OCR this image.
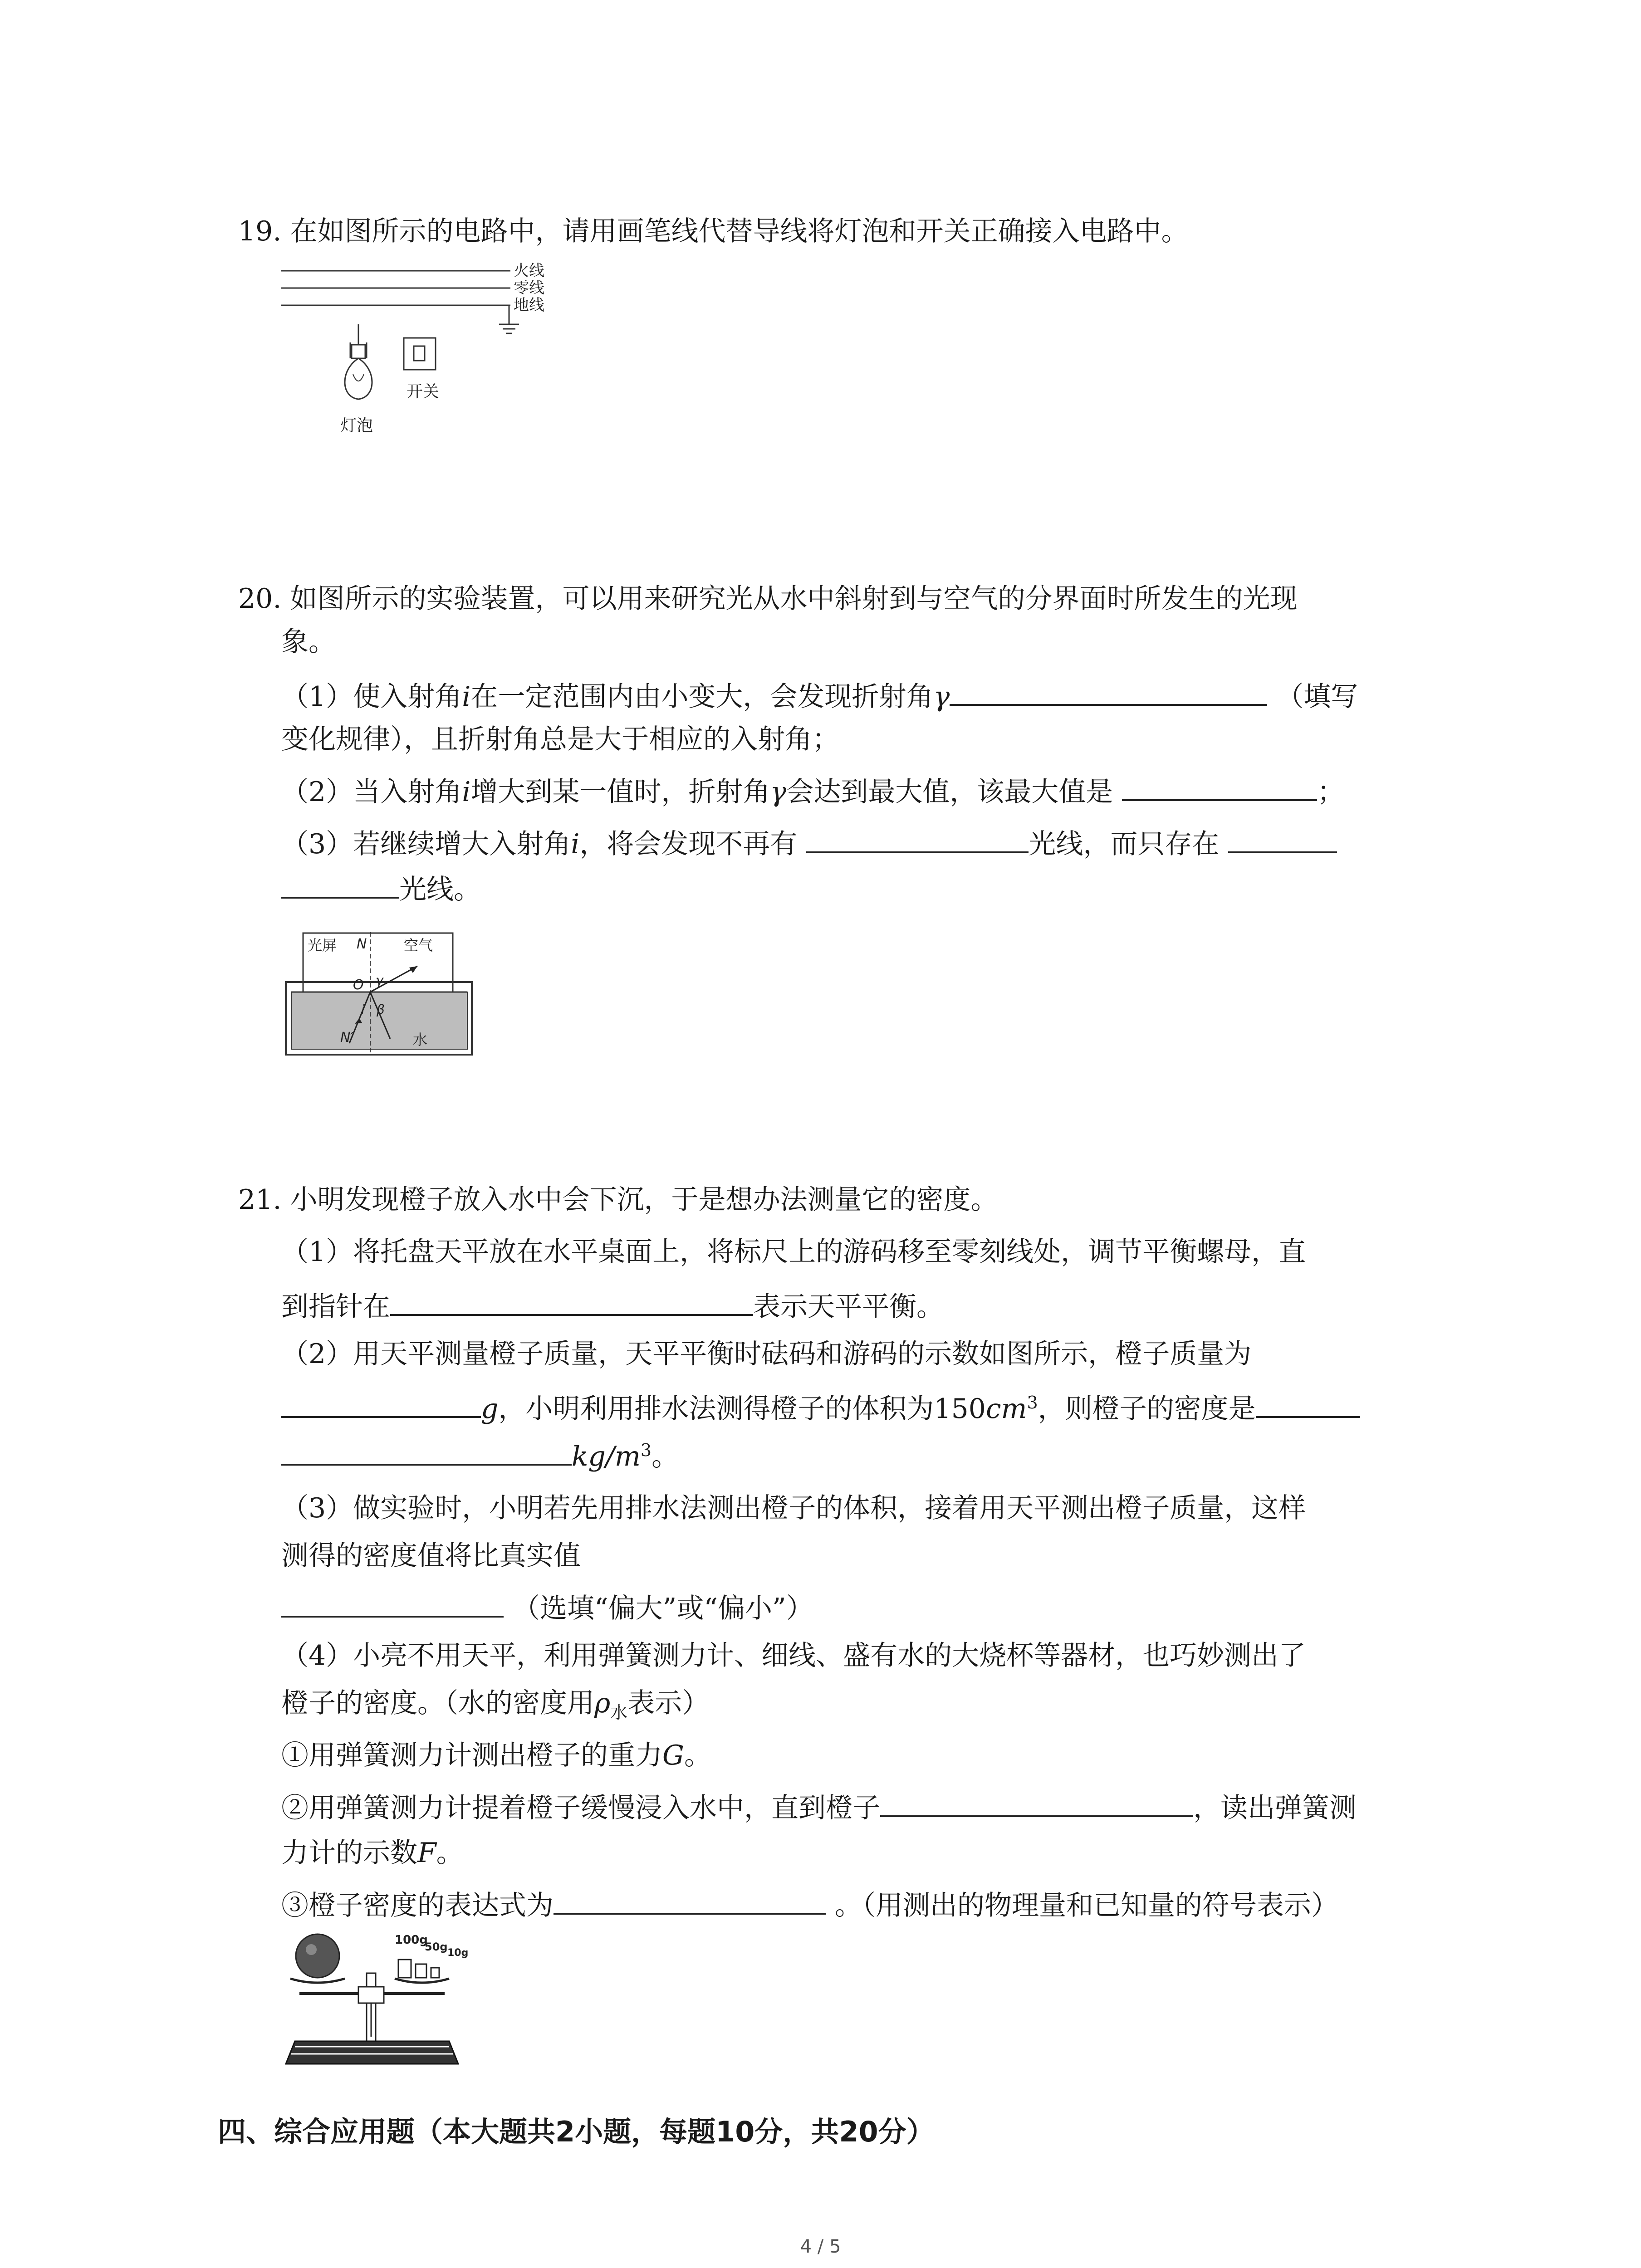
19. 在如图所示的电路中，请用画笔线代替导线将灯泡和开关正确接入电路中。
火线
零线
地线
灯泡
开关
20. 如图所示的实验装置，可以用来研究光从水中斜射到与空气的分界面时所发生的光现
象。
（1）使入射角i在一定范围内由小变大，会发现折射角γ	（填写
变化规律），且折射角总是大于相应的入射角；
（2）当入射角i增大到某一值时，折射角γ会达到最大值，该最大值是	；
（3）若继续增大入射角i，将会发现不再有	光线，而只存在
光线。
光屏 N	空气
O γ
i β
N′	水
21. 小明发现橙子放入水中会下沉，于是想办法测量它的密度。
（1）将托盘天平放在水平桌面上，将标尺上的游码移至零刻线处，调节平衡螺母，直
到指针在	表示天平平衡。
（2）用天平测量橙子质量，天平平衡时砝码和游码的示数如图所示，橙子质量为
g，小明利用排水法测得橙子的体积为$150cm^3$，则橙子的密度是
$kg/m^3$。
（3）做实验时，小明若先用排水法测出橙子的体积，接着用天平测出橙子质量，这样
测得的密度值将比真实值
（选填“偏大”或“偏小”）
（4）小亮不用天平，利用弹簧测力计、细线、盛有水的大烧杯等器材，也巧妙测出了
橙子的密度。（水的密度用$\rho_水$表示）
①用弹簧测力计测出橙子的重力G。
②用弹簧测力计提着橙子缓慢浸入水中，直到橙子	，读出弹簧测
力计的示数F。
③橙子密度的表达式为	。（用测出的物理量和已知量的符号表示）
100g
50g 10g
四、综合应用题（本大题共2小题，每题10分，共20分）
4 / 5
